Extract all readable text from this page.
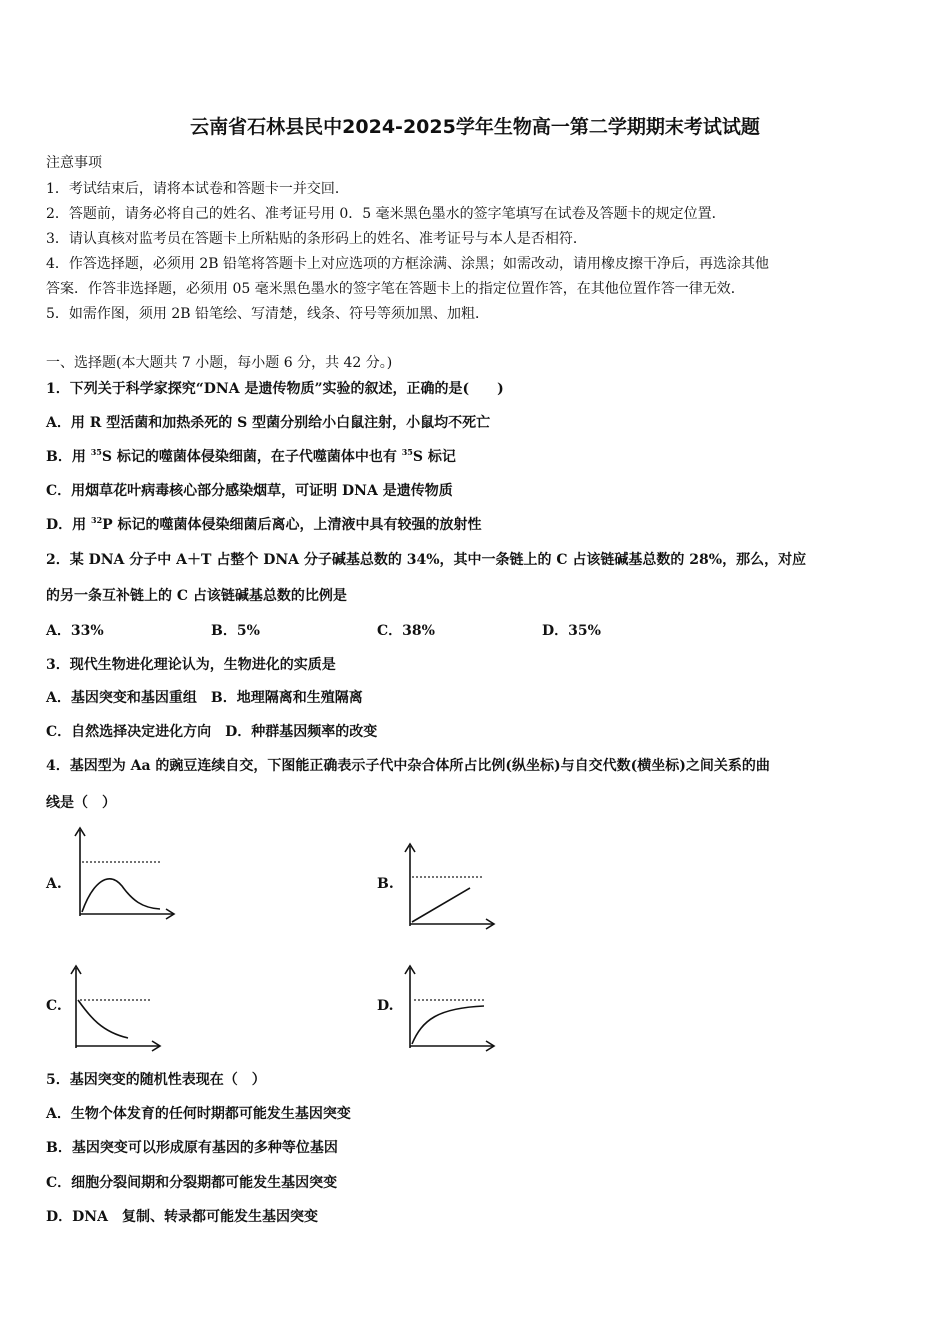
云南省石林县民中2024-2025学年生物高一第二学期期末考试试题
注意事项
1．考试结束后，请将本试卷和答题卡一并交回．
2．答题前，请务必将自己的姓名、准考证号用 0．5 毫米黑色墨水的签字笔填写在试卷及答题卡的规定位置．
3．请认真核对监考员在答题卡上所粘贴的条形码上的姓名、准考证号与本人是否相符．
4．作答选择题，必须用 2B 铅笔将答题卡上对应选项的方框涂满、涂黑；如需改动，请用橡皮擦干净后，再选涂其他
答案．作答非选择题，必须用 05 毫米黑色墨水的签字笔在答题卡上的指定位置作答，在其他位置作答一律无效．
5．如需作图，须用 2B 铅笔绘、写清楚，线条、符号等须加黑、加粗．
一、选择题(本大题共 7 小题，每小题 6 分，共 42 分。)
1．下列关于科学家探究“DNA 是遗传物质”实验的叙述，正确的是(　　)
A．用 R 型活菌和加热杀死的 S 型菌分别给小白鼠注射，小鼠均不死亡
B．用 $^{35}$S 标记的噬菌体侵染细菌，在子代噬菌体中也有 $^{35}$S 标记
C．用烟草花叶病毒核心部分感染烟草，可证明 DNA 是遗传物质
D．用 $^{32}$P 标记的噬菌体侵染细菌后离心，上清液中具有较强的放射性
2．某 DNA 分子中 A＋T 占整个 DNA 分子碱基总数的 34%，其中一条链上的 C 占该链碱基总数的 28%，那么，对应
的另一条互补链上的 C 占该链碱基总数的比例是
A．33%	B．5%	C．38%	D．35%
3．现代生物进化理论认为，生物进化的实质是
A．基因突变和基因重组　B．地理隔离和生殖隔离
C．自然选择决定进化方向　D．种群基因频率的改变
4．基因型为 Aa 的豌豆连续自交，下图能正确表示子代中杂合体所占比例(纵坐标)与自交代数(横坐标)之间关系的曲
线是（　）
A.	B.
C.	D.
5．基因突变的随机性表现在（　）
A．生物个体发育的任何时期都可能发生基因突变
B．基因突变可以形成原有基因的多种等位基因
C．细胞分裂间期和分裂期都可能发生基因突变
D．DNA　复制、转录都可能发生基因突变
